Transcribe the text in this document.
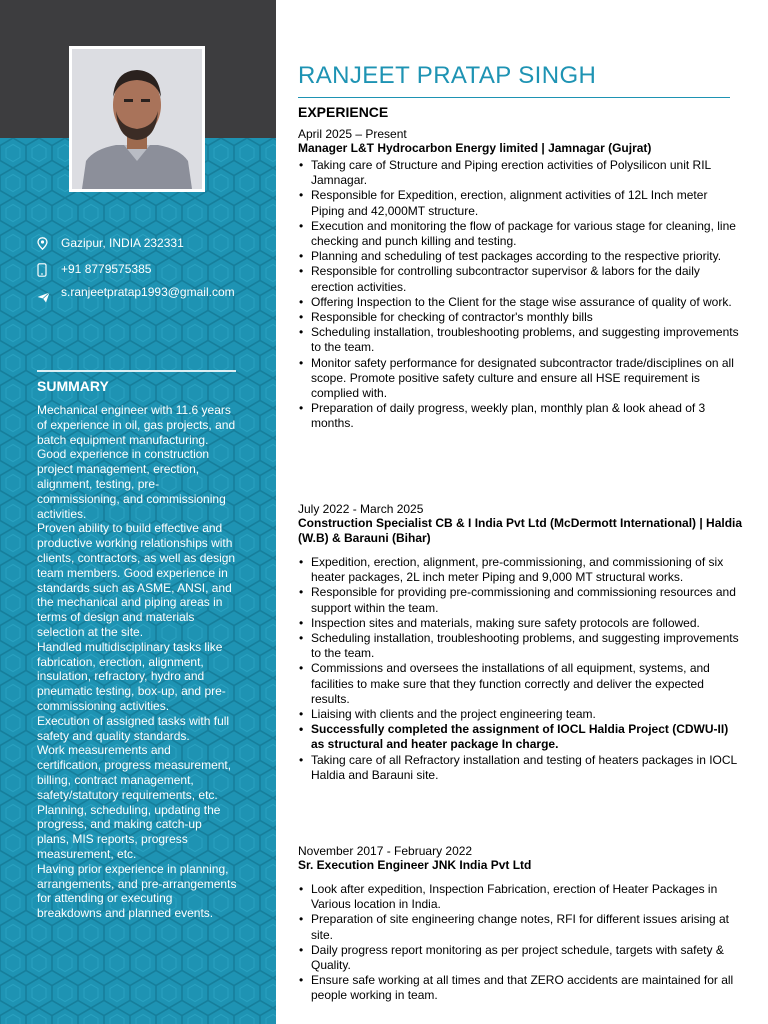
Gazipur, INDIA 232331
+91 8779575385
s.ranjeetpratap1993@gmail.com
SUMMARY

Mechanical engineer with 11.6 years of experience in oil, gas projects, and batch equipment manufacturing.

Good experience in construction project management, erection, alignment, testing, pre-commissioning, and commissioning activities.

Proven ability to build effective and productive working relationships with clients, contractors, as well as design team members. Good experience in standards such as ASME, ANSI, and the mechanical and piping areas in terms of design and materials selection at the site.

Handled multidisciplinary tasks like fabrication, erection, alignment, insulation, refractory, hydro and pneumatic testing, box-up, and pre-commissioning activities.

Execution of assigned tasks with full safety and quality standards.

Work measurements and certification, progress measurement, billing, contract management, safety/statutory requirements, etc.

Planning, scheduling, updating the progress, and making catch-up plans, MIS reports, progress measurement, etc.

Having prior experience in planning, arrangements, and pre-arrangements for attending or executing breakdowns and planned events.

RANJEET PRATAP SINGH
EXPERIENCE
April 2025 – Present
Manager L&T Hydrocarbon Energy limited | Jamnagar (Gujrat)
• Taking care of Structure and Piping erection activities of Polysilicon unit RIL Jamnagar.
• Responsible for Expedition, erection, alignment activities of 12L Inch meter Piping and 42,000MT structure.
• Execution and monitoring the flow of package for various stage for cleaning, line checking and punch killing and testing.
• Planning and scheduling of test packages according to the respective priority.
• Responsible for controlling subcontractor supervisor & labors for the daily erection activities.
• Offering Inspection to the Client for the stage wise assurance of quality of work.
• Responsible for checking of contractor's monthly bills
• Scheduling installation, troubleshooting problems, and suggesting improvements to the team.
• Monitor safety performance for designated subcontractor trade/disciplines on all scope. Promote positive safety culture and ensure all HSE requirement is complied with.
• Preparation of daily progress, weekly plan, monthly plan & look ahead of 3 months.
July 2022 - March 2025
Construction Specialist CB & I India Pvt Ltd (McDermott International) | Haldia (W.B) & Barauni (Bihar)
• Expedition, erection, alignment, pre-commissioning, and commissioning of six heater packages, 2L inch meter Piping and 9,000 MT structural works.
• Responsible for providing pre-commissioning and commissioning resources and support within the team.
• Inspection sites and materials, making sure safety protocols are followed.
• Scheduling installation, troubleshooting problems, and suggesting improvements to the team.
• Commissions and oversees the installations of all equipment, systems, and facilities to make sure that they function correctly and deliver the expected results.
• Liaising with clients and the project engineering team.
• Successfully completed the assignment of IOCL Haldia Project (CDWU-II) as structural and heater package In charge.
• Taking care of all Refractory installation and testing of heaters packages in IOCL Haldia and Barauni site.
November 2017 - February 2022
Sr. Execution Engineer JNK India Pvt Ltd
• Look after expedition, Inspection Fabrication, erection of Heater Packages in Various location in India.
• Preparation of site engineering change notes, RFI for different issues arising at site.
• Daily progress report monitoring as per project schedule, targets with safety & Quality.
• Ensure safe working at all times and that ZERO accidents are maintained for all people working in team.
